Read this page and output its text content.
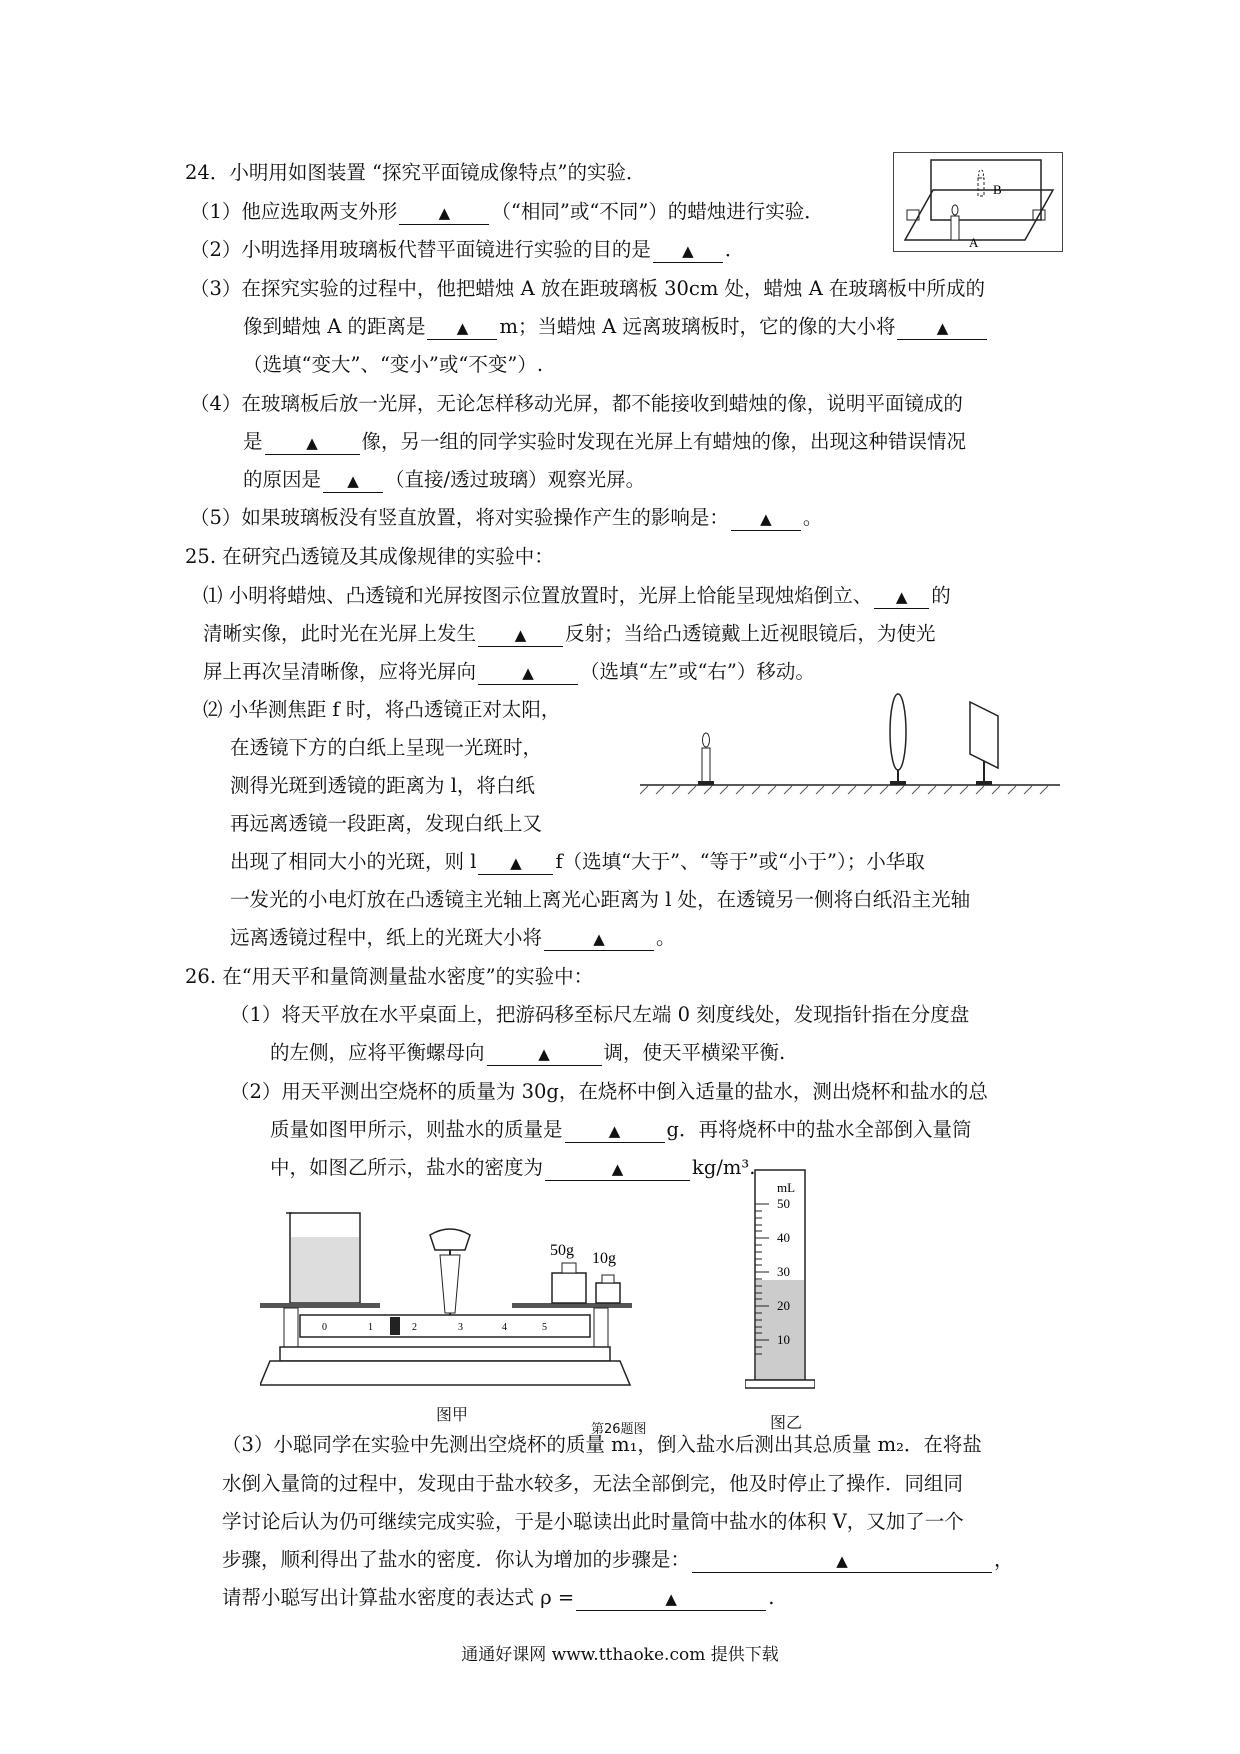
24．小明用如图装置 “探究平面镜成像特点”的实验．
（1）他应选取两支外形	▲ （“相同”或“不同”）的蜡烛进行实验．
（2）小明选择用玻璃板代替平面镜进行实验的目的是 ▲ ．
（3）在探究实验的过程中，他把蜡烛 A 放在距玻璃板 30cm 处，蜡烛 A 在玻璃板中所成的
像到蜡烛 A 的距离是 ▲ m；当蜡烛 A 远离玻璃板时，它的像的大小将	▲
（选填“变大”、“变小”或“不变”）.
（4）在玻璃板后放一光屏，无论怎样移动光屏，都不能接收到蜡烛的像，说明平面镜成的
是	▲ 像，另一组的同学实验时发现在光屏上有蜡烛的像，出现这种错误情况
的原因是 ▲ （直接/透过玻璃）观察光屏。
（5）如果玻璃板没有竖直放置，将对实验操作产生的影响是： ▲ 。
B
A
25. 在研究凸透镜及其成像规律的实验中：
⑴ 小明将蜡烛、凸透镜和光屏按图示位置放置时，光屏上恰能呈现烛焰倒立、 ▲ 的
清晰实像，此时光在光屏上发生	▲ 反射；当给凸透镜戴上近视眼镜后，为使光
屏上再次呈清晰像，应将光屏向	▲ （选填“左”或“右”）移动。
⑵ 小华测焦距 f 时，将凸透镜正对太阳，
在透镜下方的白纸上呈现一光斑时，
测得光斑到透镜的距离为 l，将白纸
再远离透镜一段距离，发现白纸上又
出现了相同大小的光斑，则 l ▲ f（选填“大于”、“等于”或“小于”）；小华取
一发光的小电灯放在凸透镜主光轴上离光心距离为 l 处，在透镜另一侧将白纸沿主光轴
远离透镜过程中，纸上的光斑大小将	▲	。
26. 在“用天平和量筒测量盐水密度”的实验中：
（1）将天平放在水平桌面上，把游码移至标尺左端 0 刻度线处，发现指针指在分度盘
的左侧，应将平衡螺母向	▲	调，使天平横梁平衡.
（2）用天平测出空烧杯的质量为 30g，在烧杯中倒入适量的盐水，测出烧杯和盐水的总
质量如图甲所示，则盐水的质量是	▲ g．再将烧杯中的盐水全部倒入量筒
中，如图乙所示，盐水的密度为	▲	kg/m³.
50g 10g
0	1	2	3	4	5
图甲
第26题图
mL
50
40
30
20
10
图乙
（3）小聪同学在实验中先测出空烧杯的质量 m₁，倒入盐水后测出其总质量 m₂．在将盐
水倒入量筒的过程中，发现由于盐水较多，无法全部倒完，他及时停止了操作．同组同
学讨论后认为仍可继续完成实验，于是小聪读出此时量筒中盐水的体积 V，又加了一个
步骤，顺利得出了盐水的密度．你认为增加的步骤是：	▲	，
请帮小聪写出计算盐水密度的表达式 ρ =	▲	.
通通好课网 www.tthaoke.com 提供下载
